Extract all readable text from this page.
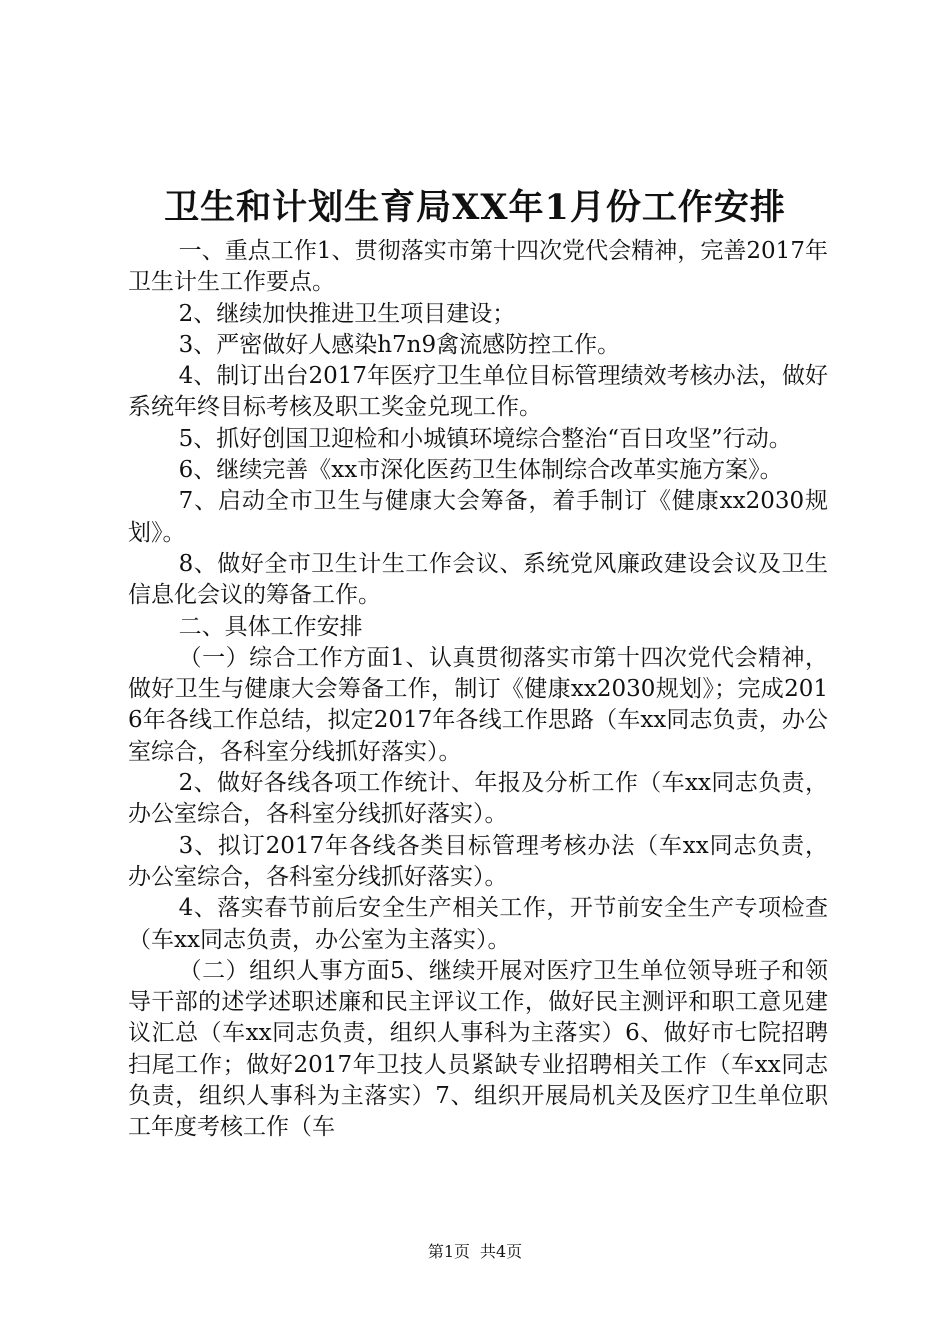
卫生和计划生育局XX年1月份工作安排

一、重点工作1、贯彻落实市第十四次党代会精神，完善2017年卫生计生工作要点。

2、继续加快推进卫生项目建设；

3、严密做好人感染h7n9禽流感防控工作。

4、制订出台2017年医疗卫生单位目标管理绩效考核办法，做好系统年终目标考核及职工奖金兑现工作。

5、抓好创国卫迎检和小城镇环境综合整治“百日攻坚”行动。

6、继续完善《xx市深化医药卫生体制综合改革实施方案》。

7、启动全市卫生与健康大会筹备，着手制订《健康xx2030规划》。

8、做好全市卫生计生工作会议、系统党风廉政建设会议及卫生信息化会议的筹备工作。

二、具体工作安排

（一）综合工作方面1、认真贯彻落实市第十四次党代会精神，做好卫生与健康大会筹备工作，制订《健康xx2030规划》；完成2016年各线工作总结，拟定2017年各线工作思路（车xx同志负责，办公室综合，各科室分线抓好落实）。

2、做好各线各项工作统计、年报及分析工作（车xx同志负责，办公室综合，各科室分线抓好落实）。

3、拟订2017年各线各类目标管理考核办法（车xx同志负责，办公室综合，各科室分线抓好落实）。

4、落实春节前后安全生产相关工作，开节前安全生产专项检查（车xx同志负责，办公室为主落实）。

（二）组织人事方面5、继续开展对医疗卫生单位领导班子和领导干部的述学述职述廉和民主评议工作，做好民主测评和职工意见建议汇总（车xx同志负责，组织人事科为主落实）6、做好市七院招聘扫尾工作；做好2017年卫技人员紧缺专业招聘相关工作（车xx同志负责，组织人事科为主落实）7、组织开展局机关及医疗卫生单位职工年度考核工作（车

第1页 共4页
